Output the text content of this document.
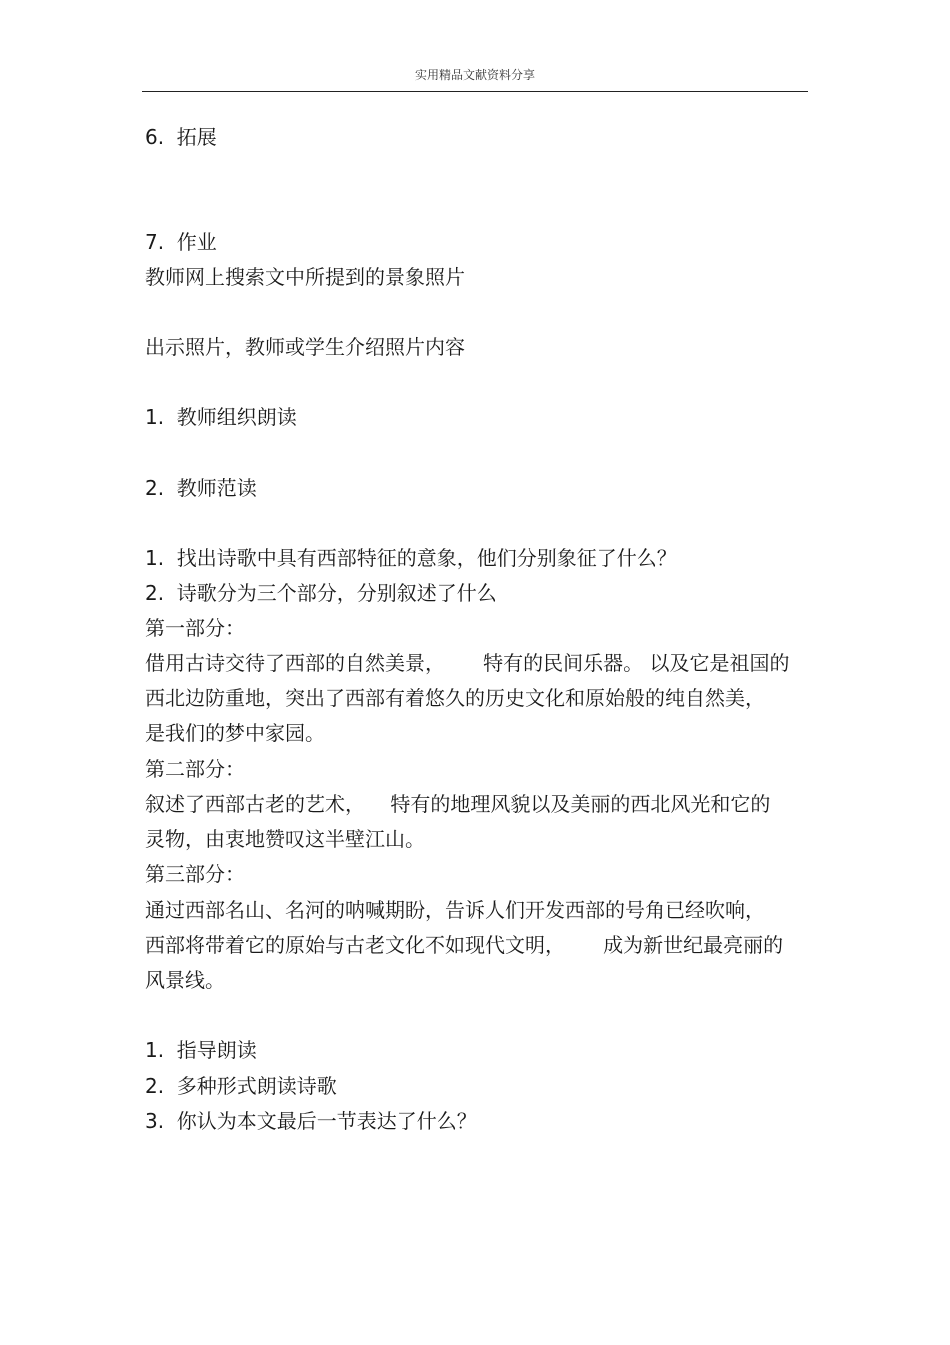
实用精品文献资料分享
6.  拓展
7.  作业
教师网上搜索文中所提到的景象照片
出示照片，教师或学生介绍照片内容
1.  教师组织朗读
2.  教师范读
1.  找出诗歌中具有西部特征的意象，他们分别象征了什么？
2.  诗歌分为三个部分，分别叙述了什么
第一部分：
借用古诗交待了西部的自然美景，      特有的民间乐器。 以及它是祖国的
西北边防重地，突出了西部有着悠久的历史文化和原始般的纯自然美，
是我们的梦中家园。
第二部分：
叙述了西部古老的艺术，    特有的地理风貌以及美丽的西北风光和它的
灵物，由衷地赞叹这半壁江山。
第三部分：
通过西部名山、名河的呐喊期盼，告诉人们开发西部的号角已经吹响，
西部将带着它的原始与古老文化不如现代文明，      成为新世纪最亮丽的
风景线。
1.  指导朗读
2.  多种形式朗读诗歌
3.  你认为本文最后一节表达了什么？
